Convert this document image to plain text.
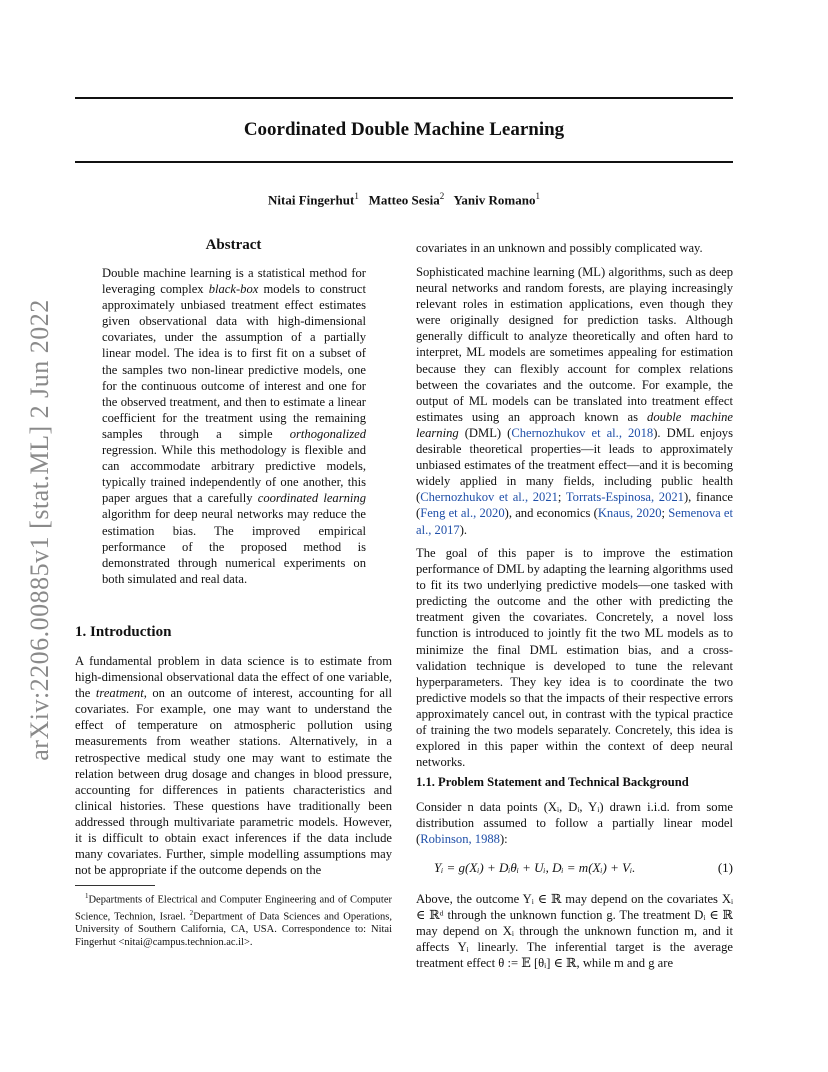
arXiv:2206.00885v1 [stat.ML] 2 Jun 2022
Coordinated Double Machine Learning
Nitai Fingerhut$^1$ Matteo Sesia$^2$ Yaniv Romano$^1$
Abstract
Double machine learning is a statistical method for leveraging complex black-box models to construct approximately unbiased treatment effect estimates given observational data with high-dimensional covariates, under the assumption of a partially linear model. The idea is to first fit on a subset of the samples two non-linear predictive models, one for the continuous outcome of interest and one for the observed treatment, and then to estimate a linear coefficient for the treatment using the remaining samples through a simple orthogonalized regression. While this methodology is flexible and can accommodate arbitrary predictive models, typically trained independently of one another, this paper argues that a carefully coordinated learning algorithm for deep neural networks may reduce the estimation bias. The improved empirical performance of the proposed method is demonstrated through numerical experiments on both simulated and real data.
1. Introduction
A fundamental problem in data science is to estimate from high-dimensional observational data the effect of one variable, the treatment, on an outcome of interest, accounting for all covariates. For example, one may want to understand the effect of temperature on atmospheric pollution using measurements from weather stations. Alternatively, in a retrospective medical study one may want to estimate the relation between drug dosage and changes in blood pressure, accounting for differences in patients characteristics and clinical histories. These questions have traditionally been addressed through multivariate parametric models. However, it is difficult to obtain exact inferences if the data include many covariates. Further, simple modelling assumptions may not be appropriate if the outcome depends on the
$^1$Departments of Electrical and Computer Engineering and of Computer Science, Technion, Israel. $^2$Department of Data Sciences and Operations, University of Southern California, CA, USA. Correspondence to: Nitai Fingerhut <nitai@campus.technion.ac.il>.
covariates in an unknown and possibly complicated way.
Sophisticated machine learning (ML) algorithms, such as deep neural networks and random forests, are playing increasingly relevant roles in estimation applications, even though they were originally designed for prediction tasks. Although generally difficult to analyze theoretically and often hard to interpret, ML models are sometimes appealing for estimation because they can flexibly account for complex relations between the covariates and the outcome. For example, the output of ML models can be translated into treatment effect estimates using an approach known as double machine learning (DML) (Chernozhukov et al., 2018). DML enjoys desirable theoretical properties—it leads to approximately unbiased estimates of the treatment effect—and it is becoming widely applied in many fields, including public health (Chernozhukov et al., 2021; Torrats-Espinosa, 2021), finance (Feng et al., 2020), and economics (Knaus, 2020; Semenova et al., 2017).
The goal of this paper is to improve the estimation performance of DML by adapting the learning algorithms used to fit its two underlying predictive models—one tasked with predicting the outcome and the other with predicting the treatment given the covariates. Concretely, a novel loss function is introduced to jointly fit the two ML models as to minimize the final DML estimation bias, and a cross-validation technique is developed to tune the relevant hyperparameters. They key idea is to coordinate the two predictive models so that the impacts of their respective errors approximately cancel out, in contrast with the typical practice of training the two models separately. Concretely, this idea is explored in this paper within the context of deep neural networks.
1.1. Problem Statement and Technical Background
Consider n data points (Xᵢ, Dᵢ, Yᵢ) drawn i.i.d. from some distribution assumed to follow a partially linear model (Robinson, 1988):
Yᵢ = g(Xᵢ) + Dᵢθᵢ + Uᵢ, Dᵢ = m(Xᵢ) + Vᵢ.	(1)
Above, the outcome Yᵢ ∈ ℝ may depend on the covariates Xᵢ ∈ ℝᵈ through the unknown function g. The treatment Dᵢ ∈ ℝ may depend on Xᵢ through the unknown function m, and it affects Yᵢ linearly. The inferential target is the average treatment effect θ := 𝔼 [θᵢ] ∈ ℝ, while m and g are
